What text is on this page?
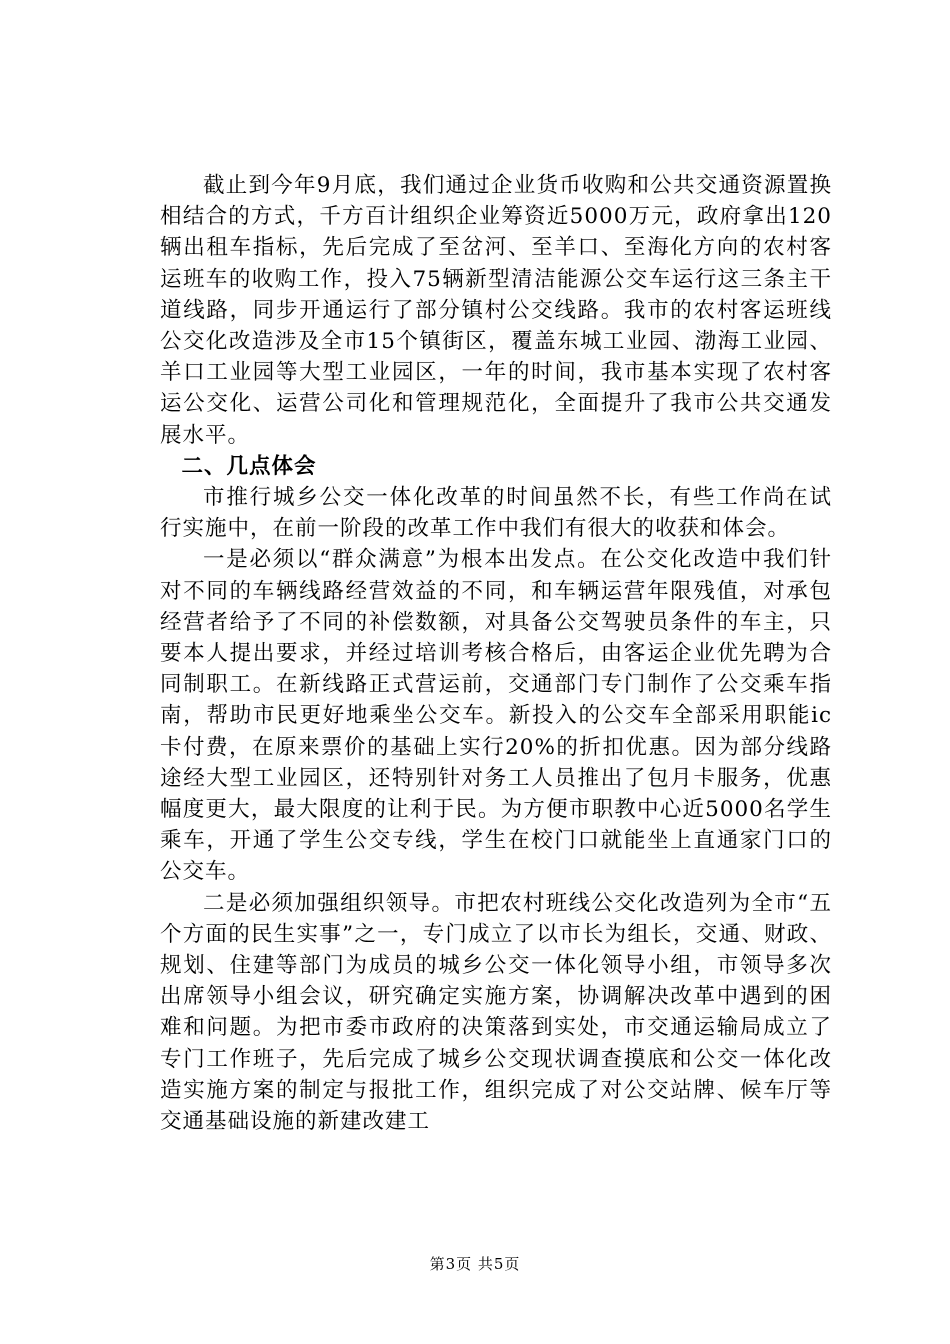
截止到今年9月底，我们通过企业货币收购和公共交通资源置换相结合的方式，千方百计组织企业筹资近5000万元，政府拿出120辆出租车指标，先后完成了至岔河、至羊口、至海化方向的农村客运班车的收购工作，投入75辆新型清洁能源公交车运行这三条主干道线路，同步开通运行了部分镇村公交线路。我市的农村客运班线公交化改造涉及全市15个镇街区，覆盖东城工业园、渤海工业园、羊口工业园等大型工业园区，一年的时间，我市基本实现了农村客运公交化、运营公司化和管理规范化，全面提升了我市公共交通发展水平。

二、几点体会

市推行城乡公交一体化改革的时间虽然不长，有些工作尚在试行实施中，在前一阶段的改革工作中我们有很大的收获和体会。

一是必须以“群众满意”为根本出发点。在公交化改造中我们针对不同的车辆线路经营效益的不同，和车辆运营年限残值，对承包经营者给予了不同的补偿数额，对具备公交驾驶员条件的车主，只要本人提出要求，并经过培训考核合格后，由客运企业优先聘为合同制职工。在新线路正式营运前，交通部门专门制作了公交乘车指南，帮助市民更好地乘坐公交车。新投入的公交车全部采用职能ic卡付费，在原来票价的基础上实行20%的折扣优惠。因为部分线路途经大型工业园区，还特别针对务工人员推出了包月卡服务，优惠幅度更大，最大限度的让利于民。为方便市职教中心近5000名学生乘车，开通了学生公交专线，学生在校门口就能坐上直通家门口的公交车。

二是必须加强组织领导。市把农村班线公交化改造列为全市“五个方面的民生实事”之一，专门成立了以市长为组长，交通、财政、规划、住建等部门为成员的城乡公交一体化领导小组，市领导多次出席领导小组会议，研究确定实施方案，协调解决改革中遇到的困难和问题。为把市委市政府的决策落到实处，市交通运输局成立了专门工作班子，先后完成了城乡公交现状调查摸底和公交一体化改造实施方案的制定与报批工作，组织完成了对公交站牌、候车厅等交通基础设施的新建改建工

第3页 共5页
